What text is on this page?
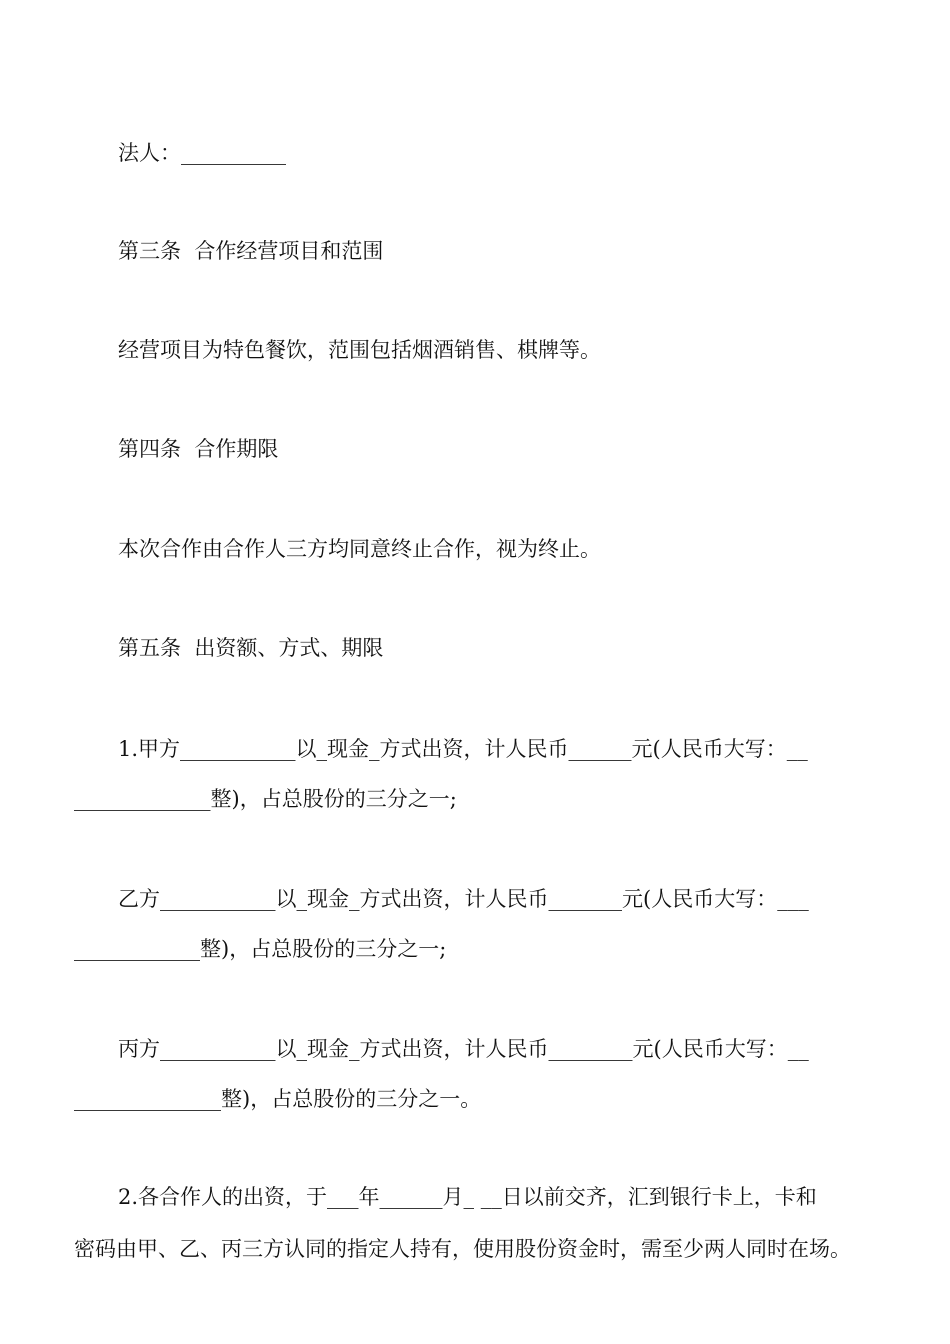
法人：__________
第三条  合作经营项目和范围
经营项目为特色餐饮，范围包括烟酒销售、棋牌等。
第四条  合作期限
本次合作由合作人三方均同意终止合作，视为终止。
第五条  出资额、方式、期限
1.甲方___________以_现金_方式出资，计人民币______元(人民币大写：__
_____________整)，占总股份的三分之一;
乙方___________以_现金_方式出资，计人民币_______元(人民币大写：___
____________整)，占总股份的三分之一;
丙方___________以_现金_方式出资，计人民币________元(人民币大写：__
______________整)，占总股份的三分之一。
2.各合作人的出资，于___年______月_ __日以前交齐，汇到银行卡上，卡和
密码由甲、乙、丙三方认同的指定人持有，使用股份资金时，需至少两人同时在场。
